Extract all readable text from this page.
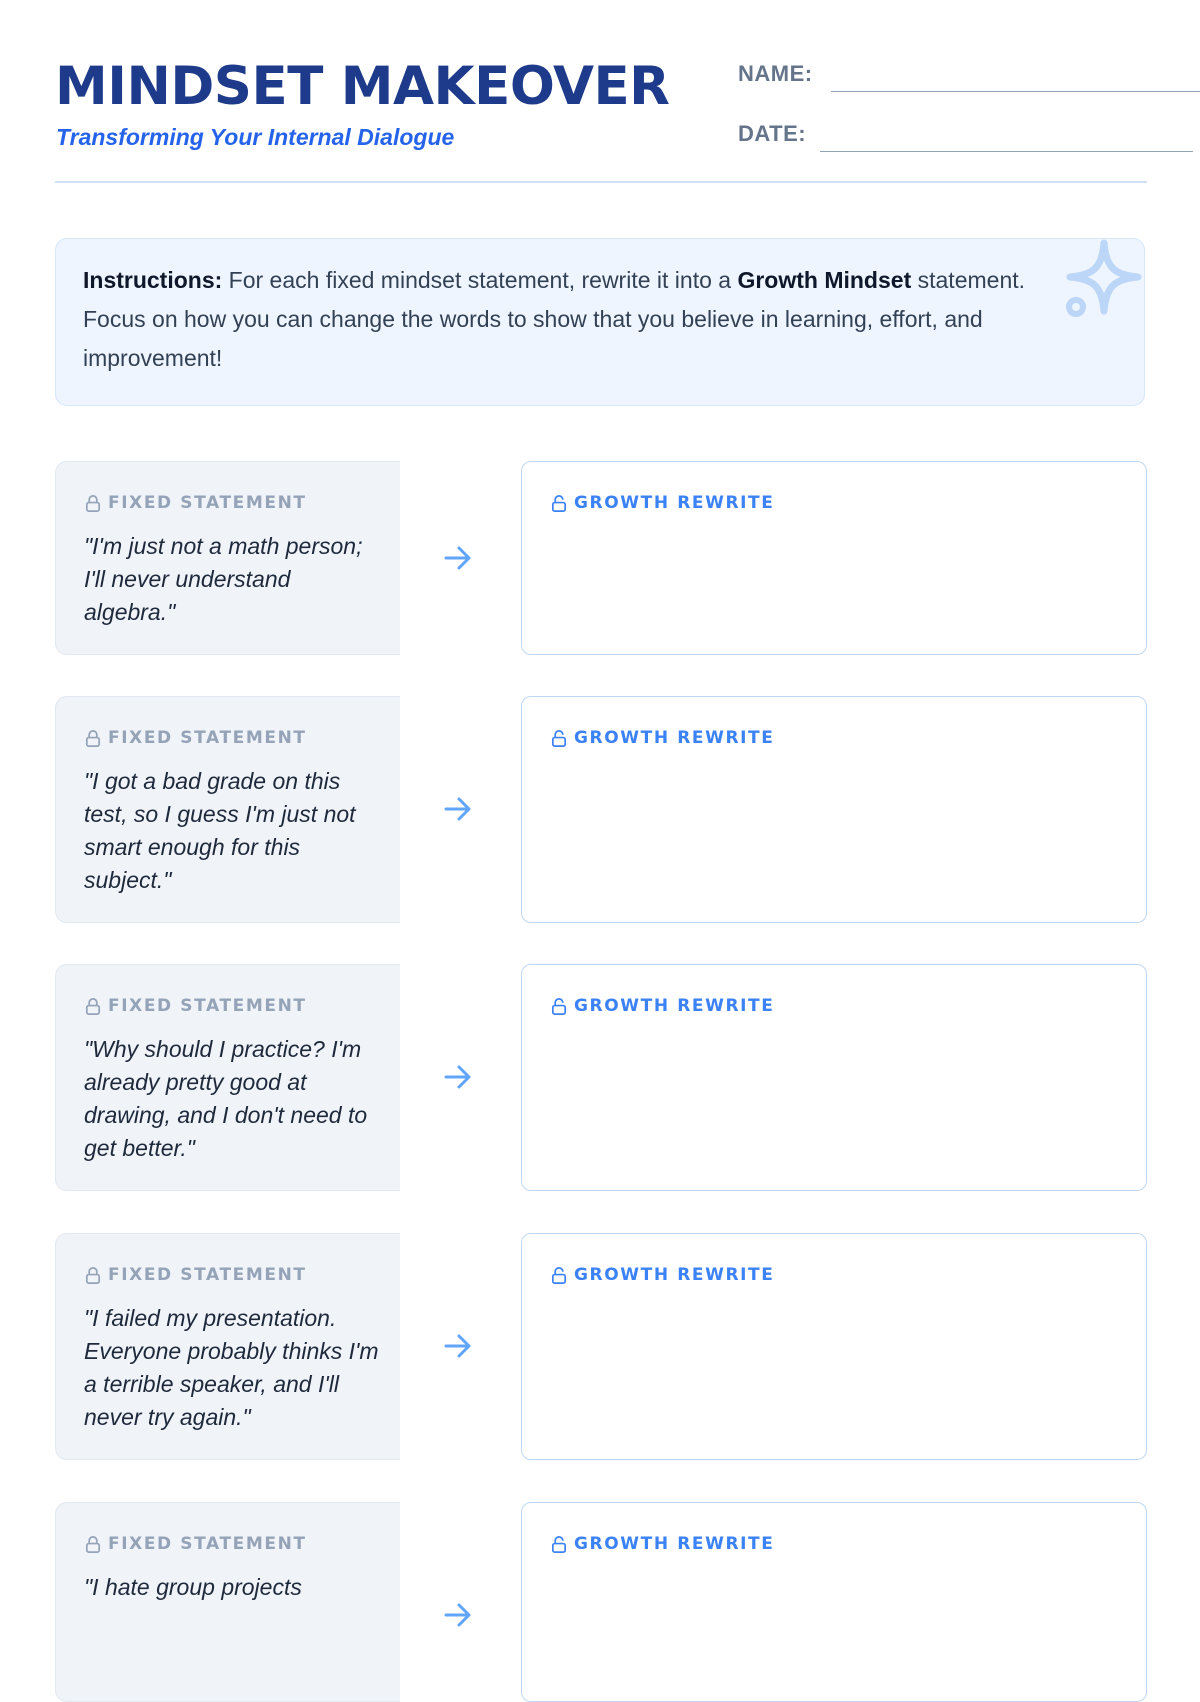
MINDSET MAKEOVER
Transforming Your Internal Dialogue
NAME:
DATE:

Instructions: For each fixed mindset statement, rewrite it into a Growth Mindset statement. Focus on how you can change the words to show that you believe in learning, effort, and improvement!

FIXED STATEMENT

"I'm just not a math person; I'll never understand algebra."

GROWTH REWRITE
FIXED STATEMENT

"I got a bad grade on this test, so I guess I'm just not smart enough for this subject."

GROWTH REWRITE
FIXED STATEMENT

"Why should I practice? I'm already pretty good at drawing, and I don't need to get better."

GROWTH REWRITE
FIXED STATEMENT

"I failed my presentation. Everyone probably thinks I'm a terrible speaker, and I'll never try again."

GROWTH REWRITE
FIXED STATEMENT

"I hate group projects

GROWTH REWRITE
